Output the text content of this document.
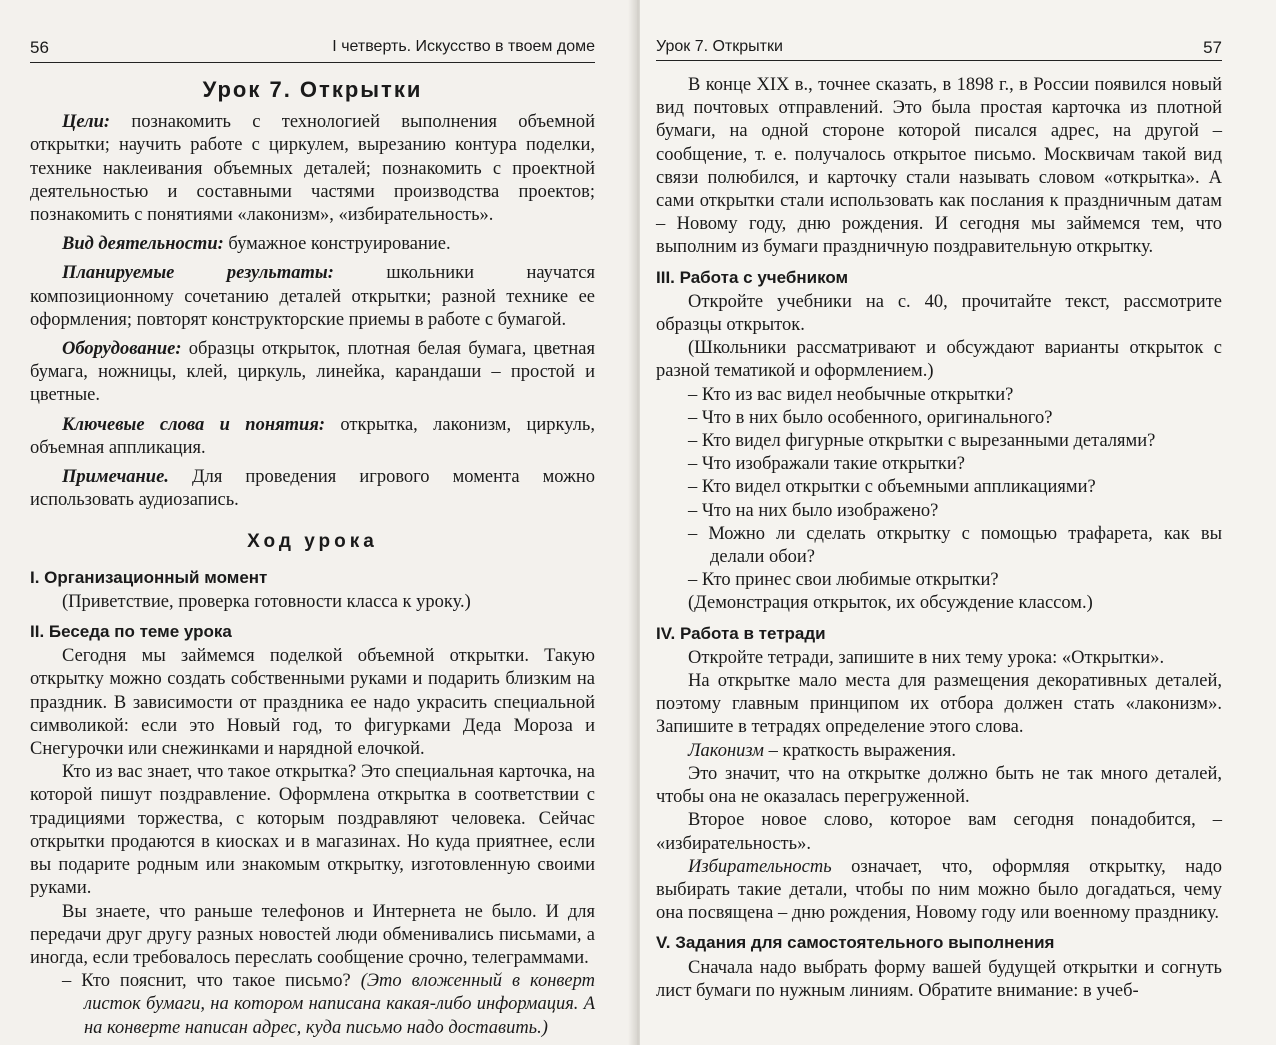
56	I четверть. Искусство в твоем доме

Урок 7. Открытки

Цели: познакомить с технологией выполнения объемной открытки; научить работе с циркулем, вырезанию контура поделки, технике наклеивания объемных деталей; познакомить с проектной деятельностью и составными частями производства проектов; познакомить с понятиями «лаконизм», «избирательность».

Вид деятельности: бумажное конструирование.

Планируемые результаты: школьники научатся композиционному сочетанию деталей открытки; разной технике ее оформления; повторят конструкторские приемы в работе с бумагой.

Оборудование: образцы открыток, плотная белая бумага, цветная бумага, ножницы, клей, циркуль, линейка, карандаши – простой и цветные.

Ключевые слова и понятия: открытка, лаконизм, циркуль, объемная аппликация.

Примечание. Для проведения игрового момента можно использовать аудиозапись.

Ход урока

I. Организационный момент

(Приветствие, проверка готовности класса к уроку.)

II. Беседа по теме урока

Сегодня мы займемся поделкой объемной открытки. Такую открытку можно создать собственными руками и подарить близким на праздник. В зависимости от праздника ее надо украсить специальной символикой: если это Новый год, то фигурками Деда Мороза и Снегурочки или снежинками и нарядной елочкой.

Кто из вас знает, что такое открытка? Это специальная карточка, на которой пишут поздравление. Оформлена открытка в соответствии с традициями торжества, с которым поздравляют человека. Сейчас открытки продаются в киосках и в магазинах. Но куда приятнее, если вы подарите родным или знакомым открытку, изготовленную своими руками.

Вы знаете, что раньше телефонов и Интернета не было. И для передачи друг другу разных новостей люди обменивались письмами, а иногда, если требовалось переслать сообщение срочно, телеграммами.

– Кто пояснит, что такое письмо? (Это вложенный в конверт листок бумаги, на котором написана какая-либо информация. А на конверте написан адрес, куда письмо надо доставить.)

Урок 7. Открытки	57

В конце XIX в., точнее сказать, в 1898 г., в России появился новый вид почтовых отправлений. Это была простая карточка из плотной бумаги, на одной стороне которой писался адрес, на другой – сообщение, т. е. получалось открытое письмо. Москвичам такой вид связи полюбился, и карточку стали называть словом «открытка». А сами открытки стали использовать как послания к праздничным датам – Новому году, дню рождения. И сегодня мы займемся тем, что выполним из бумаги праздничную поздравительную открытку.

III. Работа с учебником

Откройте учебники на с. 40, прочитайте текст, рассмотрите образцы открыток.

(Школьники рассматривают и обсуждают варианты открыток с разной тематикой и оформлением.)

– Кто из вас видел необычные открытки?

– Что в них было особенного, оригинального?

– Кто видел фигурные открытки с вырезанными деталями?

– Что изображали такие открытки?

– Кто видел открытки с объемными аппликациями?

– Что на них было изображено?

– Можно ли сделать открытку с помощью трафарета, как вы делали обои?

– Кто принес свои любимые открытки?

(Демонстрация открыток, их обсуждение классом.)

IV. Работа в тетради

Откройте тетради, запишите в них тему урока: «Открытки».

На открытке мало места для размещения декоративных деталей, поэтому главным принципом их отбора должен стать «лаконизм». Запишите в тетрадях определение этого слова.

Лаконизм – краткость выражения.

Это значит, что на открытке должно быть не так много деталей, чтобы она не оказалась перегруженной.

Второе новое слово, которое вам сегодня понадобится, – «избирательность».

Избирательность означает, что, оформляя открытку, надо выбирать такие детали, чтобы по ним можно было догадаться, чему она посвящена – дню рождения, Новому году или военному празднику.

V. Задания для самостоятельного выполнения

Сначала надо выбрать форму вашей будущей открытки и согнуть лист бумаги по нужным линиям. Обратите внимание: в учеб-
